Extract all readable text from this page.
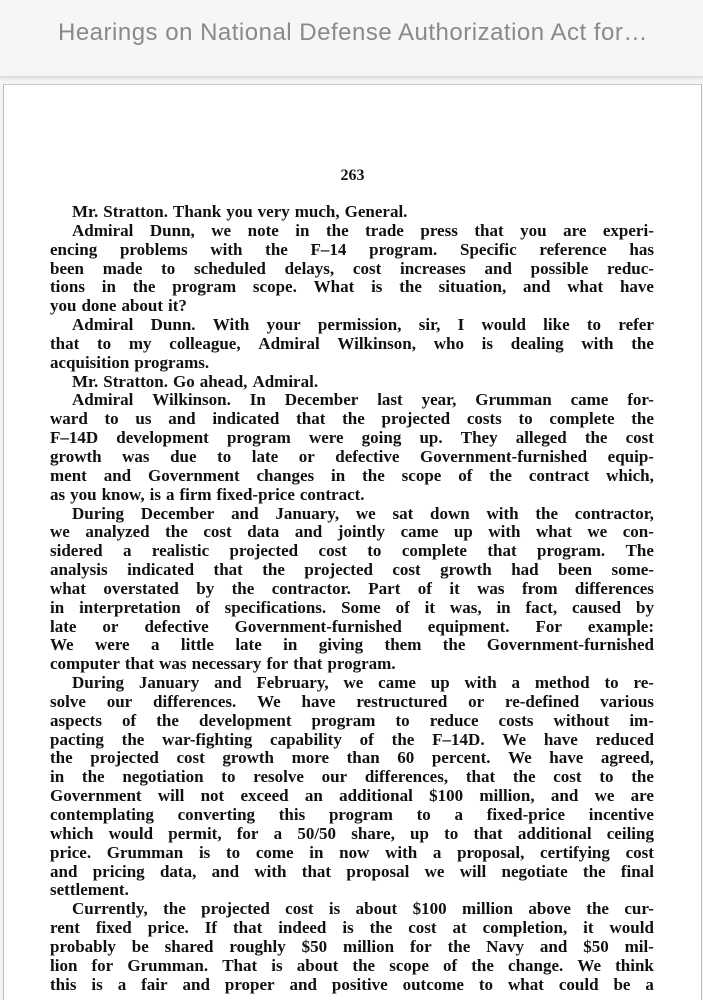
Hearings on National Defense Authorization Act for…
263
Mr. Stratton. Thank you very much, General.
Admiral Dunn, we note in the trade press that you are experi-
encing problems with the F–14 program. Specific reference has
been made to scheduled delays, cost increases and possible reduc-
tions in the program scope. What is the situation, and what have
you done about it?
Admiral Dunn. With your permission, sir, I would like to refer
that to my colleague, Admiral Wilkinson, who is dealing with the
acquisition programs.
Mr. Stratton. Go ahead, Admiral.
Admiral Wilkinson. In December last year, Grumman came for-
ward to us and indicated that the projected costs to complete the
F–14D development program were going up. They alleged the cost
growth was due to late or defective Government-furnished equip-
ment and Government changes in the scope of the contract which,
as you know, is a firm fixed-price contract.
During December and January, we sat down with the contractor,
we analyzed the cost data and jointly came up with what we con-
sidered a realistic projected cost to complete that program. The
analysis indicated that the projected cost growth had been some-
what overstated by the contractor. Part of it was from differences
in interpretation of specifications. Some of it was, in fact, caused by
late or defective Government-furnished equipment. For example:
We were a little late in giving them the Government-furnished
computer that was necessary for that program.
During January and February, we came up with a method to re-
solve our differences. We have restructured or re-defined various
aspects of the development program to reduce costs without im-
pacting the war-fighting capability of the F–14D. We have reduced
the projected cost growth more than 60 percent. We have agreed,
in the negotiation to resolve our differences, that the cost to the
Government will not exceed an additional $100 million, and we are
contemplating converting this program to a fixed-price incentive
which would permit, for a 50/50 share, up to that additional ceiling
price. Grumman is to come in now with a proposal, certifying cost
and pricing data, and with that proposal we will negotiate the final
settlement.
Currently, the projected cost is about $100 million above the cur-
rent fixed price. If that indeed is the cost at completion, it would
probably be shared roughly $50 million for the Navy and $50 mil-
lion for Grumman. That is about the scope of the change. We think
this is a fair and proper and positive outcome to what could be a
